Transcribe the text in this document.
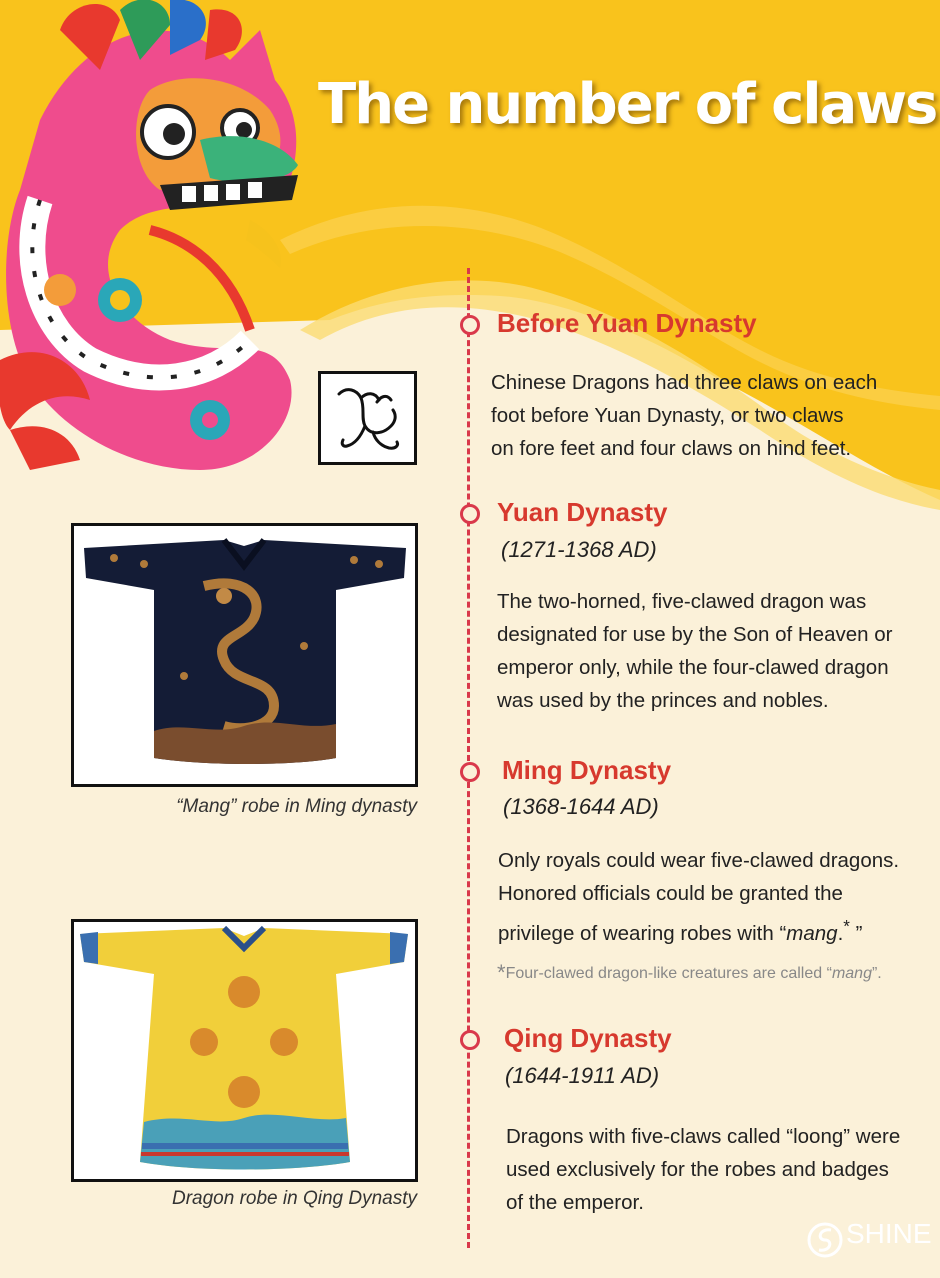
The number of claws

“Mang” robe in Ming dynasty

Dragon robe in Qing Dynasty

Before Yuan Dynasty
Chinese Dragons had three claws on each
foot before Yuan Dynasty, or two claws
on fore feet and four claws on hind feet.
Yuan Dynasty

(1271-1368 AD)

The two-horned, five-clawed dragon was
designated for use by the Son of Heaven or
emperor only, while the four-clawed dragon
was used by the princes and nobles.
Ming Dynasty

(1368-1644 AD)

Only royals could wear five-clawed dragons.
Honored officials could be granted the
privilege of wearing robes with “mang.* ”

*Four-clawed dragon-like creatures are called “mang”.

Qing Dynasty

(1644-1911 AD)

Dragons with five-claws called “loong” were
used exclusively for the robes and badges
of the emperor.

SHINE
